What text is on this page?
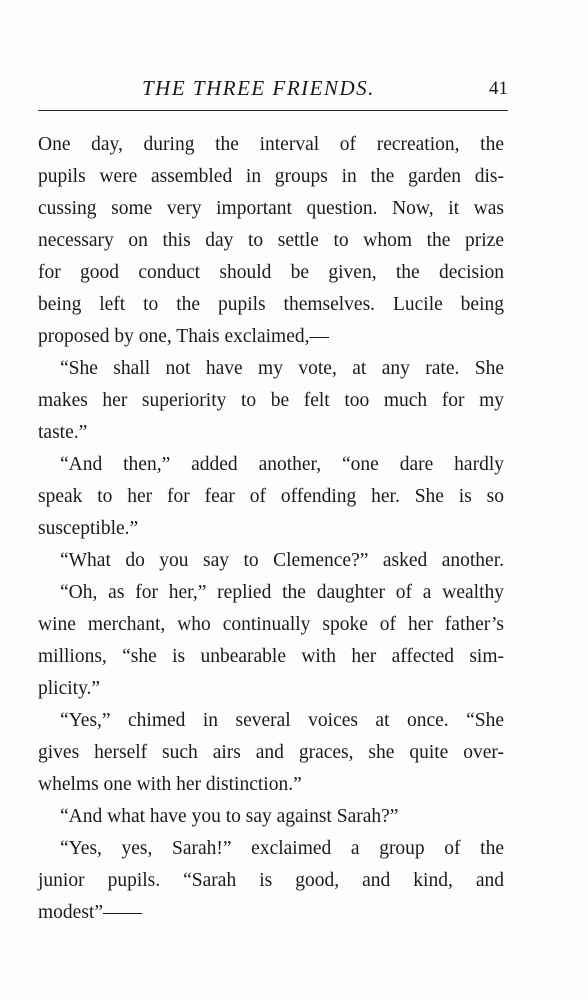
THE THREE FRIENDS.	41
One day, during the interval of recreation, the
pupils were assembled in groups in the garden dis-
cussing some very important question. Now, it was
necessary on this day to settle to whom the prize
for good conduct should be given, the decision
being left to the pupils themselves. Lucile being
proposed by one, Thais exclaimed,—
“She shall not have my vote, at any rate. She
makes her superiority to be felt too much for my
taste.”
“And then,” added another, “one dare hardly
speak to her for fear of offending her. She is so
susceptible.”
“What do you say to Clemence?” asked another.
“Oh, as for her,” replied the daughter of a wealthy
wine merchant, who continually spoke of her father’s
millions, “she is unbearable with her affected sim-
plicity.”
“Yes,” chimed in several voices at once. “She
gives herself such airs and graces, she quite over-
whelms one with her distinction.”
“And what have you to say against Sarah?”
“Yes, yes, Sarah!” exclaimed a group of the
junior pupils. “Sarah is good, and kind, and
modest”——
